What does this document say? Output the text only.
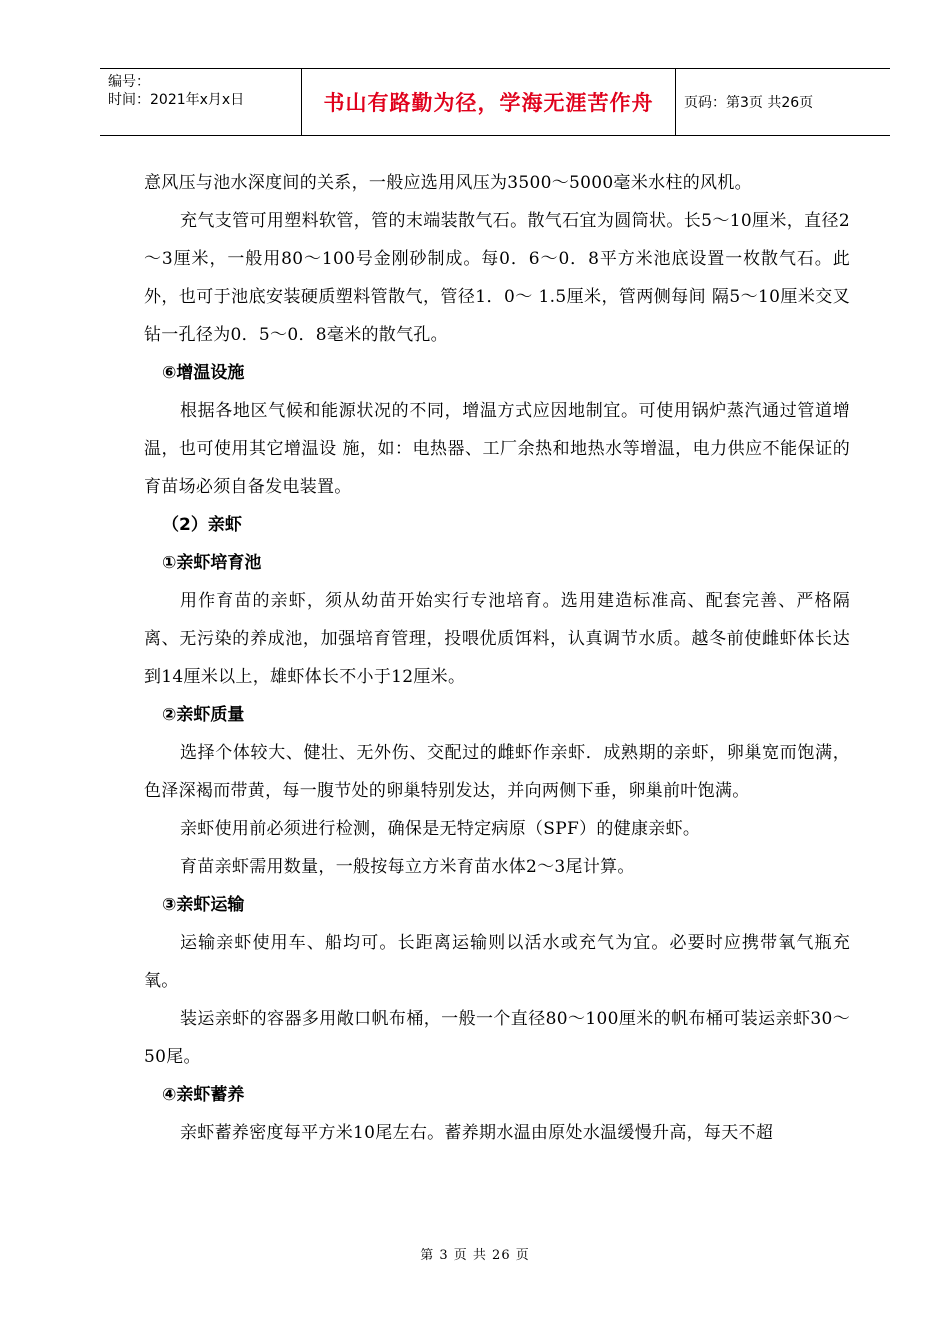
编号：
时间：2021年x月x日	书山有路勤为径，学海无涯苦作舟	页码：第3页 共26页

意风压与池水深度间的关系，一般应选用风压为3500～5000毫米水柱的风机。

充气支管可用塑料软管，管的末端装散气石。散气石宜为圆筒状。长5～10厘米，直径2～3厘米，一般用80～100号金刚砂制成。每0．6～0．8平方米池底设置一枚散气石。此外，也可于池底安装硬质塑料管散气，管径1．0～ 1.5厘米，管两侧每间 隔5～10厘米交叉钻一孔径为0．5～0．8毫米的散气孔。

⑥增温设施

根据各地区气候和能源状况的不同，增温方式应因地制宜。可使用锅炉蒸汽通过管道增温，也可使用其它增温设 施，如：电热器、工厂余热和地热水等增温，电力供应不能保证的育苗场必须自备发电装置。

（2）亲虾
①亲虾培育池

用作育苗的亲虾，须从幼苗开始实行专池培育。选用建造标准高、配套完善、严格隔离、无污染的养成池，加强培育管理，投喂优质饵料，认真调节水质。越冬前使雌虾体长达到14厘米以上，雄虾体长不小于12厘米。

②亲虾质量

选择个体较大、健壮、无外伤、交配过的雌虾作亲虾．成熟期的亲虾，卵巢宽而饱满，色泽深褐而带黄，每一腹节处的卵巢特别发达，并向两侧下垂，卵巢前叶饱满。

亲虾使用前必须进行检测，确保是无特定病原（SPF）的健康亲虾。

育苗亲虾需用数量，一般按每立方米育苗水体2～3尾计算。

③亲虾运输

运输亲虾使用车、船均可。长距离运输则以活水或充气为宜。必要时应携带氧气瓶充氧。

装运亲虾的容器多用敞口帆布桶，一般一个直径80～100厘米的帆布桶可装运亲虾30～50尾。

④亲虾蓄养

亲虾蓄养密度每平方米10尾左右。蓄养期水温由原处水温缓慢升高，每天不超

第 3 页 共 26 页
